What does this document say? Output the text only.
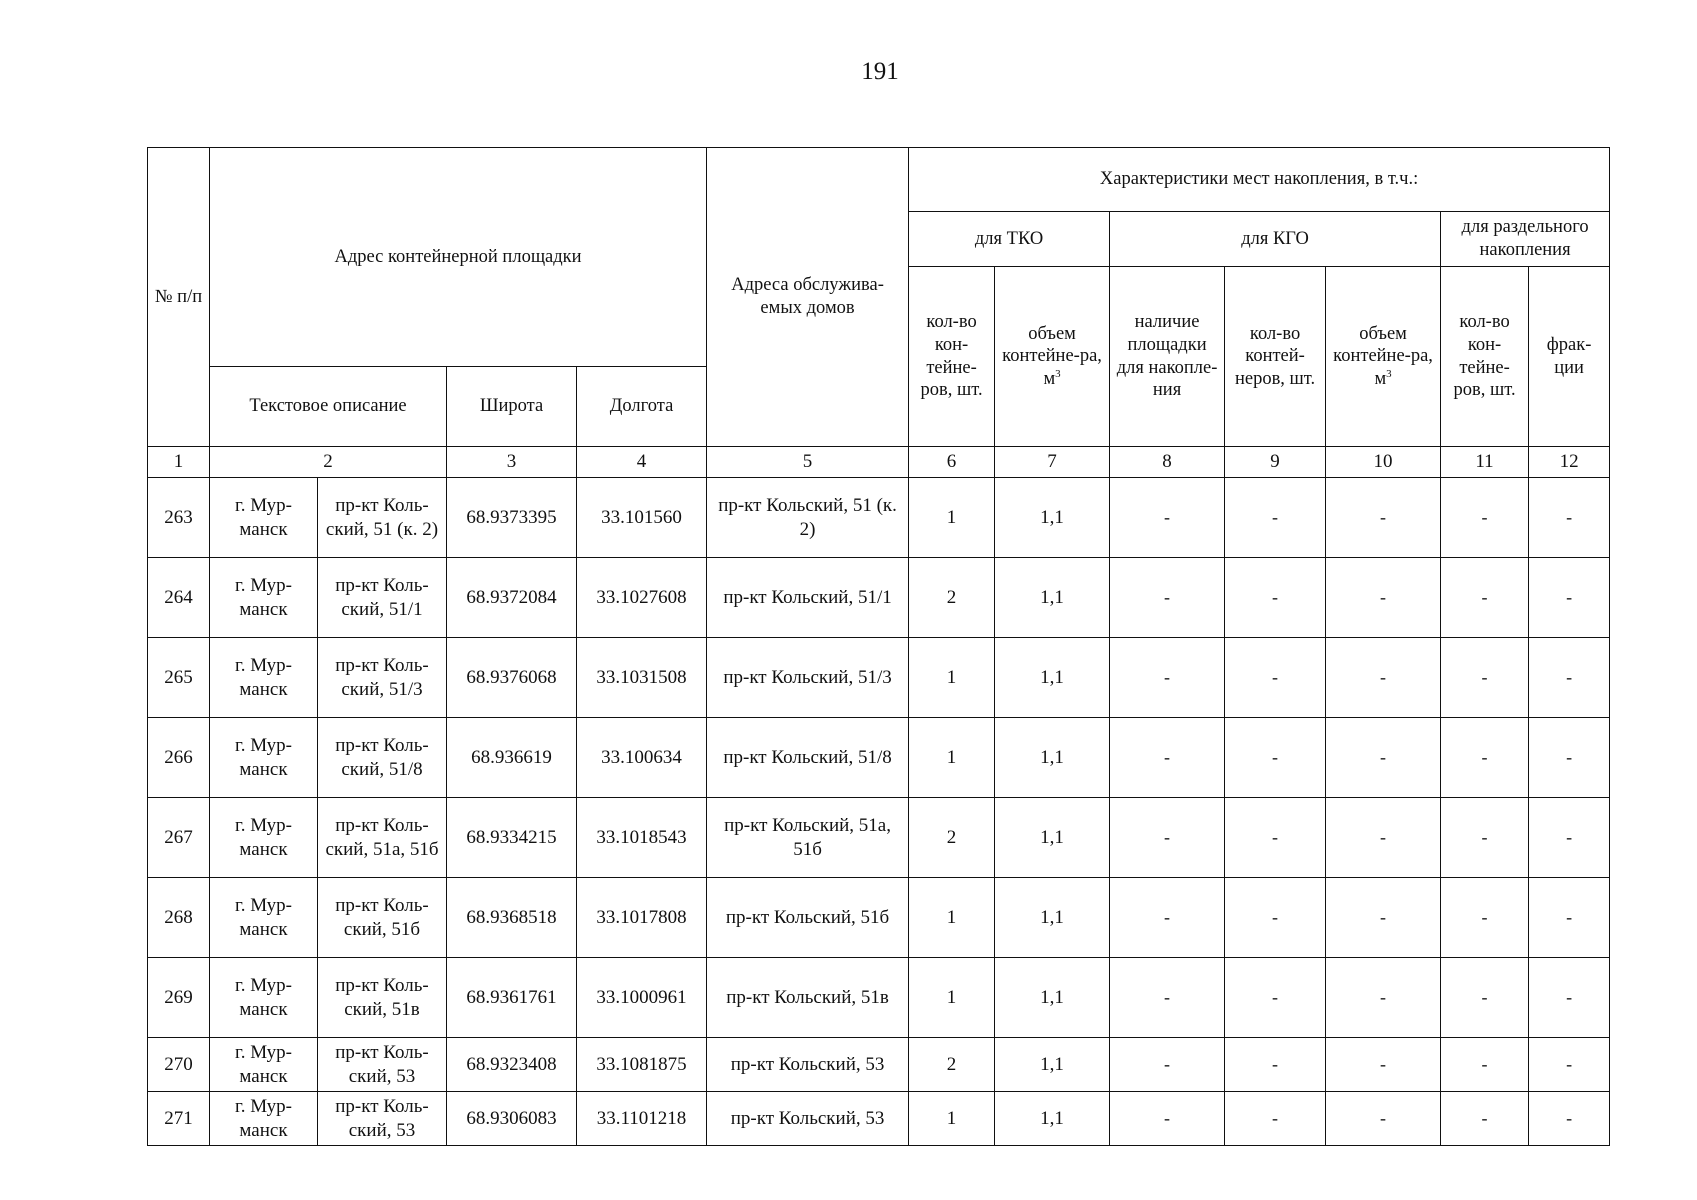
191
№ п/п	Адрес контейнерной площадки				Адреса обслужива-емых домов	Характеристики мест накопления, в т.ч.:						
						для ТКО		для КГО			для раздельного накопления	
						кол-во кон-тейне-ров, шт.	объем контейне-ра, $м^3$	наличие площадки для накопле-ния	кол-во контей-неров, шт.	объем контейне-ра, $м^3$	кол-во кон-тейне-ров, шт.	фрак-ции
	Текстовое описание		Широта	Долгота								
1	2		3	4	5	6	7	8	9	10	11	12
263	г. Мур-манск	пр-кт Коль-ский, 51 (к. 2)	68.9373395	33.101560	пр-кт Кольский, 51 (к. 2)	1	1,1	-	-	-	-	-
264	г. Мур-манск	пр-кт Коль-ский, 51/1	68.9372084	33.1027608	пр-кт Кольский, 51/1	2	1,1	-	-	-	-	-
265	г. Мур-манск	пр-кт Коль-ский, 51/3	68.9376068	33.1031508	пр-кт Кольский, 51/3	1	1,1	-	-	-	-	-
266	г. Мур-манск	пр-кт Коль-ский, 51/8	68.936619	33.100634	пр-кт Кольский, 51/8	1	1,1	-	-	-	-	-
267	г. Мур-манск	пр-кт Коль-ский, 51а, 51б	68.9334215	33.1018543	пр-кт Кольский, 51а, 51б	2	1,1	-	-	-	-	-
268	г. Мур-манск	пр-кт Коль-ский, 51б	68.9368518	33.1017808	пр-кт Кольский, 51б	1	1,1	-	-	-	-	-
269	г. Мур-манск	пр-кт Коль-ский, 51в	68.9361761	33.1000961	пр-кт Кольский, 51в	1	1,1	-	-	-	-	-
270	г. Мур-манск	пр-кт Коль-ский, 53	68.9323408	33.1081875	пр-кт Кольский, 53	2	1,1	-	-	-	-	-
271	г. Мур-манск	пр-кт Коль-ский, 53	68.9306083	33.1101218	пр-кт Кольский, 53	1	1,1	-	-	-	-	-
